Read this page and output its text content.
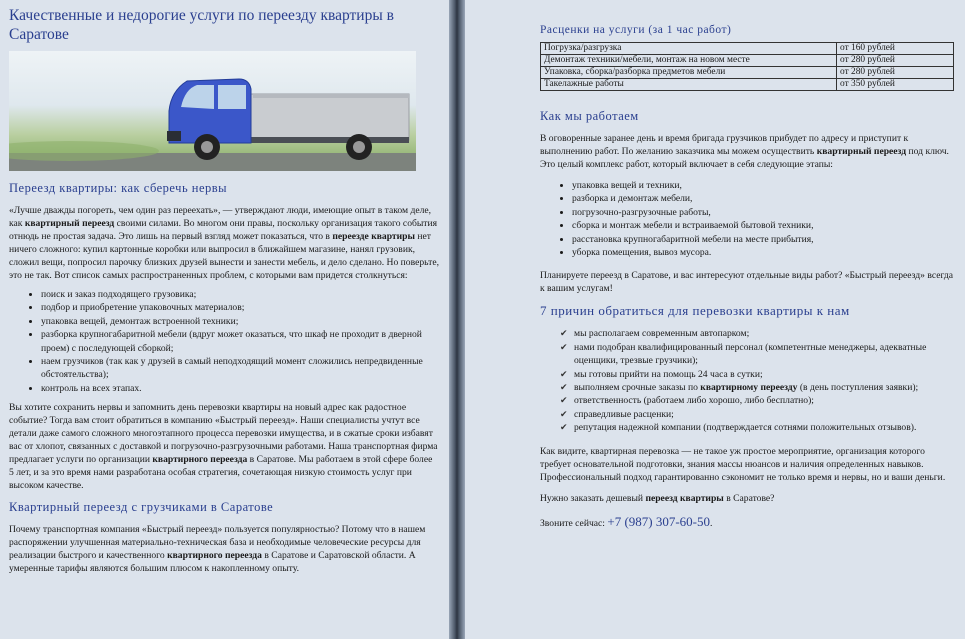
Качественные и недорогие услуги по переезду квартиры в Саратове
Переезд квартиры: как сберечь нервы

«Лучше дважды погореть, чем один раз переехать», — утверждают люди, имеющие опыт в таком деле, как квартирный переезд своими силами. Во многом они правы, поскольку организация такого события отнюдь не простая задача. Это лишь на первый взгляд может показаться, что в переезде квартиры нет ничего сложного: купил картонные коробки или выпросил в ближайшем магазине, нанял грузовик, сложил вещи, попросил парочку близких друзей вынести и занести мебель, и дело сделано. Но поверьте, это не так. Вот список самых распространенных проблем, с которыми вам придется столкнуться:

• поиск и заказ подходящего грузовика;
• подбор и приобретение упаковочных материалов;
• упаковка вещей, демонтаж встроенной техники;
• разборка крупногабаритной мебели (вдруг может оказаться, что шкаф не проходит в дверной проем) с последующей сборкой;
• наем грузчиков (так как у друзей в самый неподходящий момент сложились непредвиденные обстоятельства);
• контроль на всех этапах.

Вы хотите сохранить нервы и запомнить день перевозки квартиры на новый адрес как радостное событие? Тогда вам стоит обратиться в компанию «Быстрый переезд». Наши специалисты учтут все детали даже самого сложного многоэтапного процесса перевозки имущества, и в сжатые сроки избавят вас от хлопот, связанных с доставкой и погрузочно-разгрузочными работами. Наша транспортная фирма предлагает услуги по организации квартирного переезда в Саратове. Мы работаем в этой сфере более 5 лет, и за это время нами разработана особая стратегия, сочетающая низкую стоимость услуг при высоком качестве.

Квартирный переезд с грузчиками в Саратове

Почему транспортная компания «Быстрый переезд» пользуется популярностью? Потому что в нашем распоряжении улучшенная материально-техническая база и необходимые человеческие ресурсы для реализации быстрого и качественного квартирного переезда в Саратове и Саратовской области. А умеренные тарифы являются большим плюсом к накопленному опыту.

Расценки на услуги (за 1 час работ)
Погрузка/разгрузка	от 160 рублей
Демонтаж техники/мебели, монтаж на новом месте	от 280 рублей
Упаковка, сборка/разборка предметов мебели	от 280 рублей
Такелажные работы	от 350 рублей
Как мы работаем

В оговоренные заранее день и время бригада грузчиков прибудет по адресу и приступит к выполнению работ. По желанию заказчика мы можем осуществить квартирный переезд под ключ. Это целый комплекс работ, который включает в себя следующие этапы:

• упаковка вещей и техники,
• разборка и демонтаж мебели,
• погрузочно-разгрузочные работы,
• сборка и монтаж мебели и встраиваемой бытовой техники,
• расстановка крупногабаритной мебели на месте прибытия,
• уборка помещения, вывоз мусора.

Планируете переезд в Саратове, и вас интересуют отдельные виды работ? «Быстрый переезд» всегда к вашим услугам!

7 причин обратиться для перевозки квартиры к нам
✔ мы располагаем современным автопарком;
✔ нами подобран квалифицированный персонал (компетентные менеджеры, адекватные оценщики, трезвые грузчики);
✔ мы готовы прийти на помощь 24 часа в сутки;
✔ выполняем срочные заказы по квартирному переезду (в день поступления заявки);
✔ ответственность (работаем либо хорошо, либо бесплатно);
✔ справедливые расценки;
✔ репутация надежной компании (подтверждается сотнями положительных отзывов).

Как видите, квартирная перевозка — не такое уж простое мероприятие, организация которого требует основательной подготовки, знания массы нюансов и наличия определенных навыков. Профессиональный подход гарантированно сэкономит не только время и нервы, но и ваши деньги.

Нужно заказать дешевый переезд квартиры в Саратове?

Звоните сейчас: +7 (987) 307-60-50.
